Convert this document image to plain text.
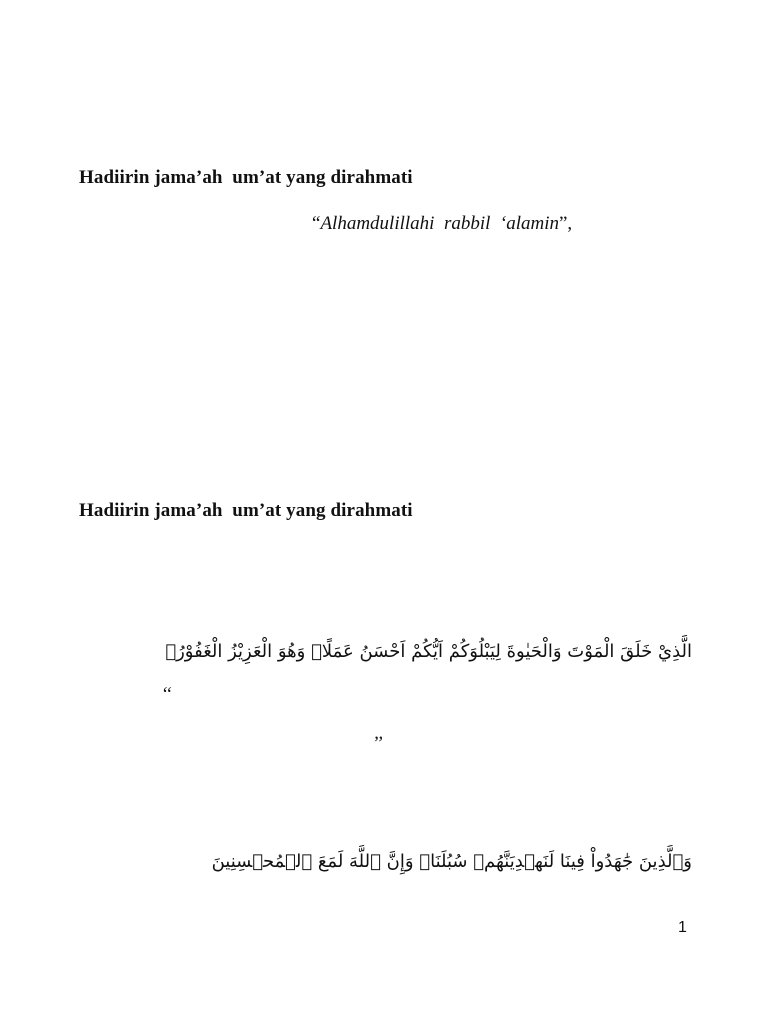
Hadiirin jama’ah  um’at yang dirahmati
“Alhamdulillahi  rabbil  ‘alamin”,
Hadiirin jama’ah  um’at yang dirahmati
الَّذِيْ خَلَقَ الْمَوْتَ وَالْحَيٰوةَ لِيَبْلُوَكُمْ اَيُّكُمْ اَحْسَنُ عَمَلًاۗ وَهُوَ الْعَزِيْزُ الْغَفُوْرُۙ
‘‘
’’
وَٱلَّذِينَ جَٰهَدُواْ فِينَا لَنَهۡدِيَنَّهُمۡ سُبُلَنَاۚ وَإِنَّ ٱللَّهَ لَمَعَ ٱلۡمُحۡسِنِينَ
1
